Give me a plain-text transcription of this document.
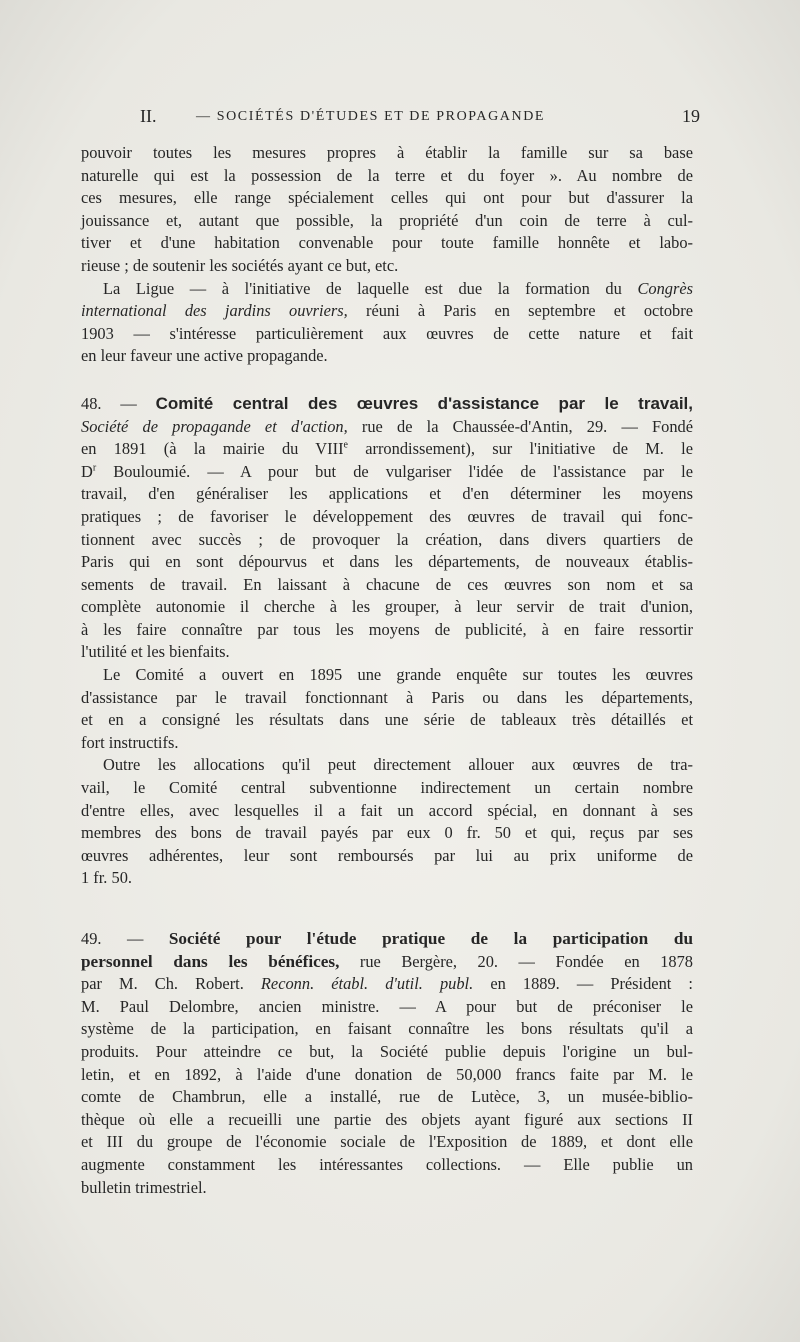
II.	— SOCIÉTÉS D'ÉTUDES ET DE PROPAGANDE	19

pouvoir toutes les mesures propres à établir la famille sur sa base

naturelle qui est la possession de la terre et du foyer ». Au nombre de

ces mesures, elle range spécialement celles qui ont pour but d'assurer la

jouissance et, autant que possible, la propriété d'un coin de terre à cul-

tiver et d'une habitation convenable pour toute famille honnête et labo-

rieuse ; de soutenir les sociétés ayant ce but, etc.

La Ligue — à l'initiative de laquelle est due la formation du Congrès

international des jardins ouvriers, réuni à Paris en septembre et octobre

1903 — s'intéresse particulièrement aux œuvres de cette nature et fait

en leur faveur une active propagande.

48. — Comité central des œuvres d'assistance par le travail,

Société de propagande et d'action, rue de la Chaussée-d'Antin, 29. — Fondé

en 1891 (à la mairie du VIIIe arrondissement), sur l'initiative de M. le

$D^r$ Bouloumié. — A pour but de vulgariser l'idée de l'assistance par le

travail, d'en généraliser les applications et d'en déterminer les moyens

pratiques ; de favoriser le développement des œuvres de travail qui fonc-

tionnent avec succès ; de provoquer la création, dans divers quartiers de

Paris qui en sont dépourvus et dans les départements, de nouveaux établis-

sements de travail. En laissant à chacune de ces œuvres son nom et sa

complète autonomie il cherche à les grouper, à leur servir de trait d'union,

à les faire connaître par tous les moyens de publicité, à en faire ressortir

l'utilité et les bienfaits.

Le Comité a ouvert en 1895 une grande enquête sur toutes les œuvres

d'assistance par le travail fonctionnant à Paris ou dans les départements,

et en a consigné les résultats dans une série de tableaux très détaillés et

fort instructifs.

Outre les allocations qu'il peut directement allouer aux œuvres de tra-

vail, le Comité central subventionne indirectement un certain nombre

d'entre elles, avec lesquelles il a fait un accord spécial, en donnant à ses

membres des bons de travail payés par eux 0 fr. 50 et qui, reçus par ses

œuvres adhérentes, leur sont remboursés par lui au prix uniforme de

1 fr. 50.

49. — Société pour l'étude pratique de la participation du

personnel dans les bénéfices, rue Bergère, 20. — Fondée en 1878

par M. Ch. Robert. Reconn. établ. d'util. publ. en 1889. — Président :

M. Paul Delombre, ancien ministre. — A pour but de préconiser le

système de la participation, en faisant connaître les bons résultats qu'il a

produits. Pour atteindre ce but, la Société publie depuis l'origine un bul-

letin, et en 1892, à l'aide d'une donation de 50,000 francs faite par M. le

comte de Chambrun, elle a installé, rue de Lutèce, 3, un musée-biblio-

thèque où elle a recueilli une partie des objets ayant figuré aux sections II

et III du groupe de l'économie sociale de l'Exposition de 1889, et dont elle

augmente constamment les intéressantes collections. — Elle publie un

bulletin trimestriel.
